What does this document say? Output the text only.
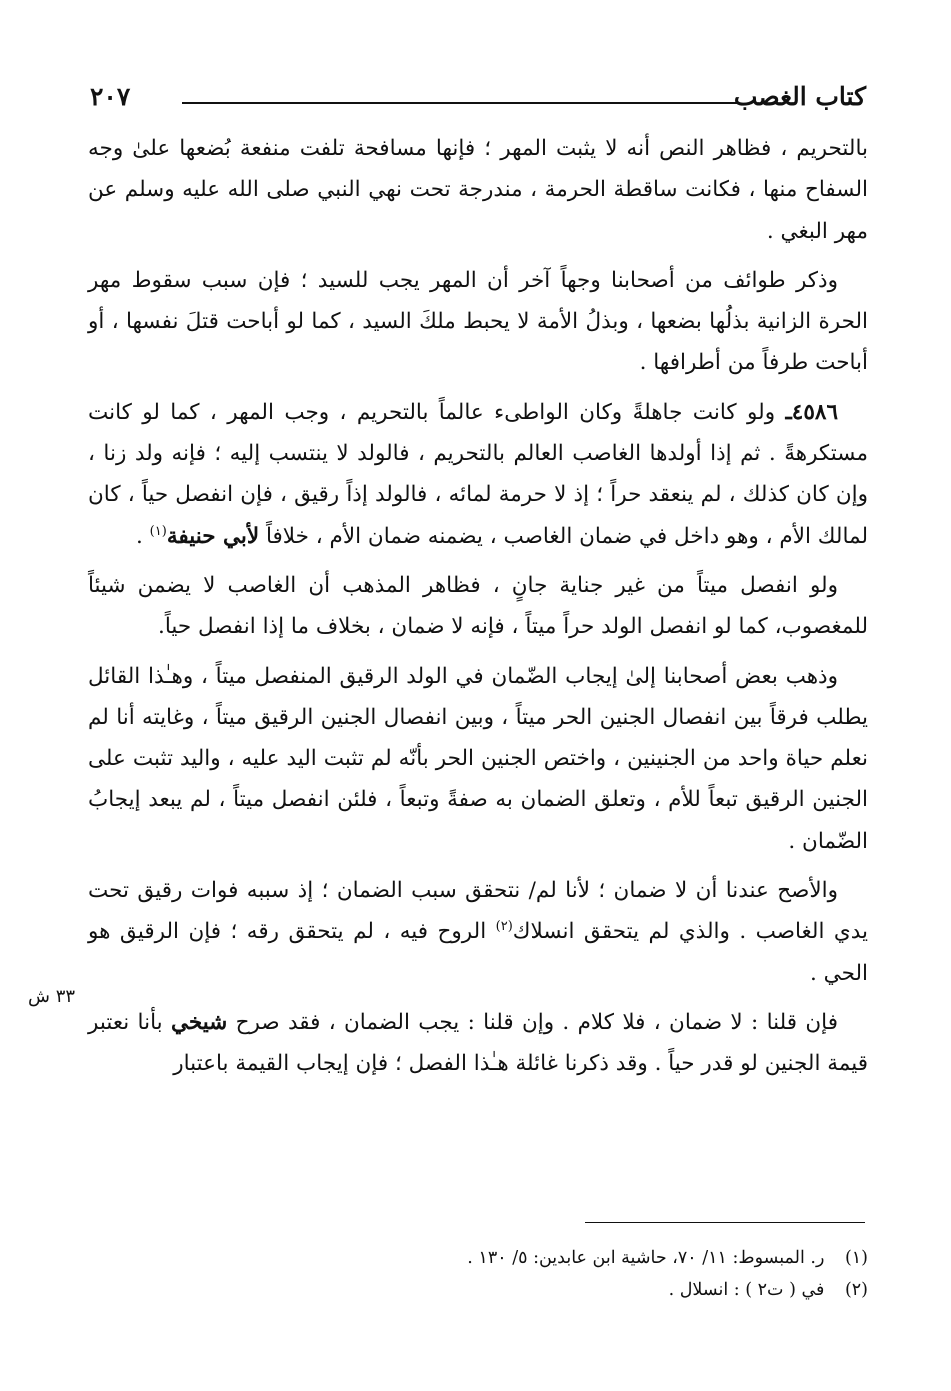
كتاب الغصب
٢٠٧

بالتحريم ، فظاهر النص أنه لا يثبت المهر ؛ فإنها مسافحة تلفت منفعة بُضعها علىٰ وجه السفاح منها ، فكانت ساقطة الحرمة ، مندرجة تحت نهي النبي صلى الله عليه وسلم عن مهر البغي .

وذكر طوائف من أصحابنا وجهاً آخر أن المهر يجب للسيد ؛ فإن سبب سقوط مهر الحرة الزانية بذلُها بضعها ، وبذلُ الأمة لا يحبط ملكَ السيد ، كما لو أباحت قتلَ نفسها ، أو أباحت طرفاً من أطرافها .

٤٥٨٦ـ ولو كانت جاهلةً وكان الواطىء عالماً بالتحريم ، وجب المهر ، كما لو كانت مستكرهةً . ثم إذا أولدها الغاصب العالم بالتحريم ، فالولد لا ينتسب إليه ؛ فإنه ولد زنا ، وإن كان كذلك ، لم ينعقد حراً ؛ إذ لا حرمة لمائه ، فالولد إذاً رقيق ، فإن انفصل حياً ، كان لمالك الأم ، وهو داخل في ضمان الغاصب ، يضمنه ضمان الأم ، خلافاً لأبي حنيفة$^{(١)}$ .

ولو انفصل ميتاً من غير جناية جانٍ ، فظاهر المذهب أن الغاصب لا يضمن شيئاً للمغصوب، كما لو انفصل الولد حراً ميتاً ، فإنه لا ضمان ، بخلاف ما إذا انفصل حياً.

وذهب بعض أصحابنا إلىٰ إيجاب الضّمان في الولد الرقيق المنفصل ميتاً ، وهـٰذا القائل يطلب فرقاً بين انفصال الجنين الحر ميتاً ، وبين انفصال الجنين الرقيق ميتاً ، وغايته أنا لم نعلم حياة واحد من الجنينين ، واختص الجنين الحر بأنّه لم تثبت اليد عليه ، واليد تثبت على الجنين الرقيق تبعاً للأم ، وتعلق الضمان به صفةً وتبعاً ، فلئن انفصل ميتاً ، لم يبعد إيجابُ الضّمان .

والأصح عندنا أن لا ضمان ؛ لأنا لم/ نتحقق سبب الضمان ؛ إذ سببه فوات رقيق تحت يدي الغاصب . والذي لم يتحقق انسلاك$^{(٢)}$ الروح فيه ، لم يتحقق رقه ؛ فإن الرقيق هو الحي .

فإن قلنا : لا ضمان ، فلا كلام . وإن قلنا : يجب الضمان ، فقد صرح شيخي بأنا نعتبر قيمة الجنين لو قدر حياً . وقد ذكرنا غائلة هـٰذا الفصل ؛ فإن إيجاب القيمة باعتبار

٣٣ ش
(١) ر. المبسوط: ١١/ ٧٠، حاشية ابن عابدين: ٥/ ١٣٠ .
(٢) في ( ت٢ ) : انسلال .
